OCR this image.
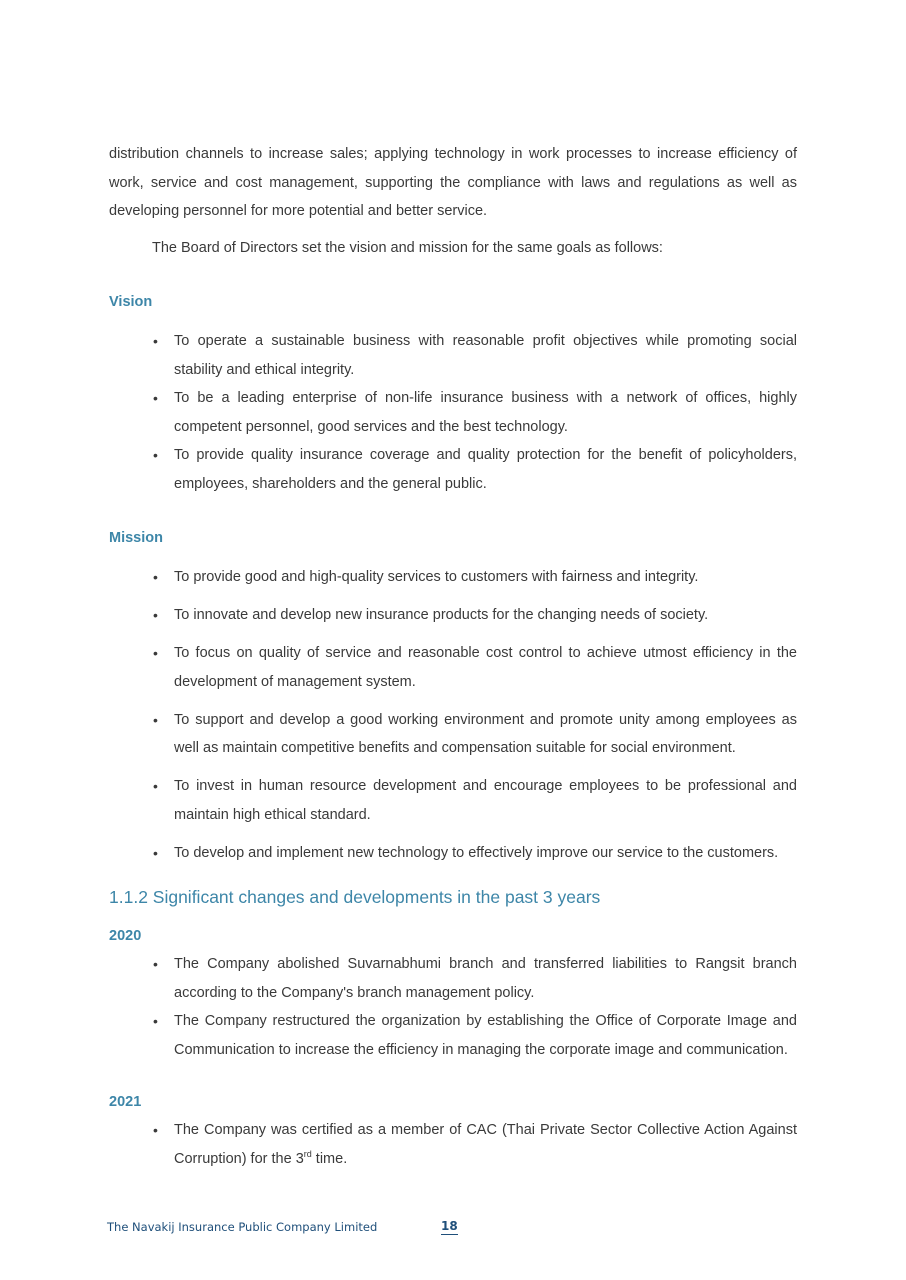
distribution channels to increase sales; applying technology in work processes to increase efficiency of work, service and cost management, supporting the compliance with laws and regulations as well as developing personnel for more potential and better service.

The Board of Directors set the vision and mission for the same goals as follows:

Vision
• To operate a sustainable business with reasonable profit objectives while promoting social stability and ethical integrity.
• To be a leading enterprise of non-life insurance business with a network of offices, highly competent personnel, good services and the best technology.
• To provide quality insurance coverage and quality protection for the benefit of policyholders, employees, shareholders and the general public.
Mission
• To provide good and high-quality services to customers with fairness and integrity.
• To innovate and develop new insurance products for the changing needs of society.
• To focus on quality of service and reasonable cost control to achieve utmost efficiency in the development of management system.
• To support and develop a good working environment and promote unity among employees as well as maintain competitive benefits and compensation suitable for social environment.
• To invest in human resource development and encourage employees to be professional and maintain high ethical standard.
• To develop and implement new technology to effectively improve our service to the customers.
1.1.2 Significant changes and developments in the past 3 years
2020
• The Company abolished Suvarnabhumi branch and transferred liabilities to Rangsit branch according to the Company's branch management policy.
• The Company restructured the organization by establishing the Office of Corporate Image and Communication to increase the efficiency in managing the corporate image and communication.
2021
• The Company was certified as a member of CAC (Thai Private Sector Collective Action Against Corruption) for the 3rd time.
The Navakij Insurance Public Company Limited	18
